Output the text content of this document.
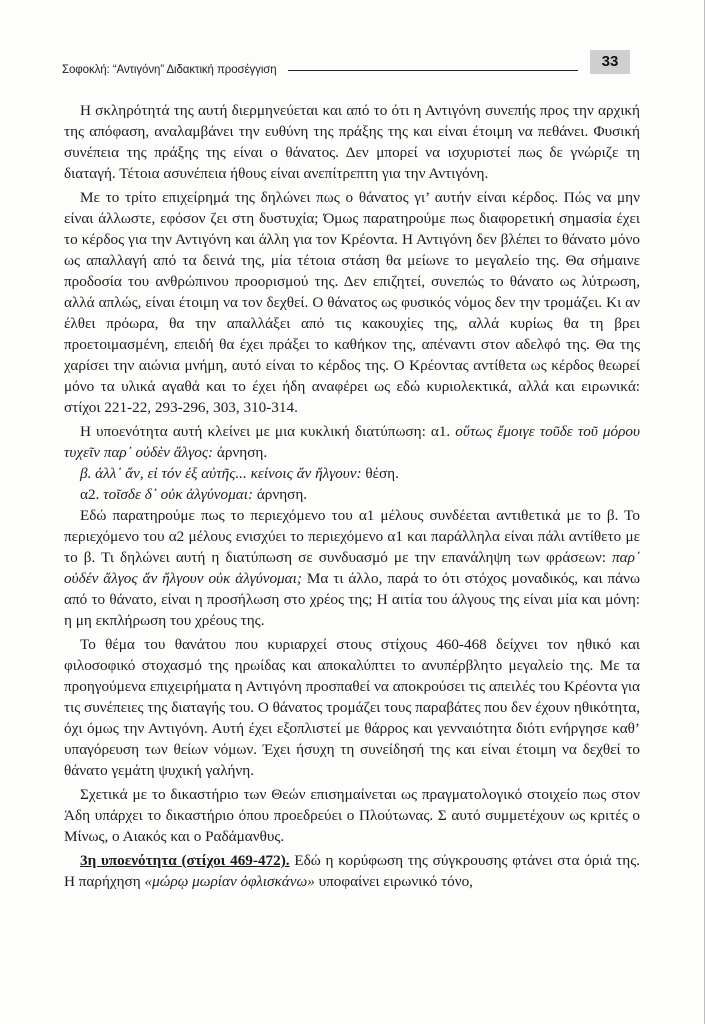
Σοφοκλή: “Αντιγόνη” Διδακτική προσέγγιση	33

Η σκληρότητά της αυτή διερμηνεύεται και από το ότι η Αντιγόνη συνεπής προς την αρχική της απόφαση, αναλαμβάνει την ευθύνη της πράξης της και είναι έτοιμη να πεθάνει. Φυσική συνέπεια της πράξης της είναι ο θάνατος. Δεν μπορεί να ισχυριστεί πως δε γνώριζε τη διαταγή. Τέτοια ασυνέπεια ήθους είναι ανεπίτρεπτη για την Αντιγόνη.

Με το τρίτο επιχείρημά της δηλώνει πως ο θάνατος γι’ αυτήν είναι κέρδος. Πώς να μην είναι άλλωστε, εφόσον ζει στη δυστυχία; Όμως παρατηρούμε πως διαφορετική σημασία έχει το κέρδος για την Αντιγόνη και άλλη για τον Κρέοντα. Η Αντιγόνη δεν βλέπει το θάνατο μόνο ως απαλλαγή από τα δεινά της, μία τέτοια στάση θα μείωνε το μεγαλείο της. Θα σήμαινε προδοσία του ανθρώπινου προορισμού της. Δεν επιζητεί, συνεπώς το θάνατο ως λύτρωση, αλλά απλώς, είναι έτοιμη να τον δεχθεί. Ο θάνατος ως φυσικός νόμος δεν την τρομάζει. Κι αν έλθει πρόωρα, θα την απαλλάξει από τις κακουχίες της, αλλά κυρίως θα τη βρει προετοιμασμένη, επειδή θα έχει πράξει το καθήκον της, απέναντι στον αδελφό της. Θα της χαρίσει την αιώνια μνήμη, αυτό είναι το κέρδος της. Ο Κρέοντας αντίθετα ως κέρδος θεωρεί μόνο τα υλικά αγαθά και το έχει ήδη αναφέρει ως εδώ κυριολεκτικά, αλλά και ειρωνικά: στίχοι 221-22, 293-296, 303, 310-314.

Η υποενότητα αυτή κλείνει με μια κυκλική διατύπωση: α1. οὕτως ἔμοιγε τοῦδε τοῦ μόρου τυχεῖν παρ᾽ οὐδὲν ἄλγος: άρνηση.

β. ἀλλ᾽ ἄν, εἰ τόν ἐξ αὐτῆς... κείνοις ἄν ἤλγουν: θέση.

α2. τοῖσδε δ᾽ οὐκ ἀλγύνομαι: άρνηση.

Εδώ παρατηρούμε πως το περιεχόμενο του α1 μέλους συνδέεται αντιθετικά με το β. Το περιεχόμενο του α2 μέλους ενισχύει το περιεχόμενο α1 και παράλληλα είναι πάλι αντίθετο με το β. Τι δηλώνει αυτή η διατύπωση σε συνδυασμό με την επανάληψη των φράσεων: παρ᾽ οὐδέν ἄλγος ἄν ἤλγουν οὐκ ἀλγύνομαι; Μα τι άλλο, παρά το ότι στόχος μοναδικός, και πάνω από το θάνατο, είναι η προσήλωση στο χρέος της; Η αιτία του άλγους της είναι μία και μόνη: η μη εκπλήρωση του χρέους της.

Το θέμα του θανάτου που κυριαρχεί στους στίχους 460-468 δείχνει τον ηθικό και φιλοσοφικό στοχασμό της ηρωίδας και αποκαλύπτει το ανυπέρβλητο μεγαλείο της. Με τα προηγούμενα επιχειρήματα η Αντιγόνη προσπαθεί να αποκρούσει τις απειλές του Κρέοντα για τις συνέπειες της διαταγής του. Ο θάνατος τρομάζει τους παραβάτες που δεν έχουν ηθικότητα, όχι όμως την Αντιγόνη. Αυτή έχει εξοπλιστεί με θάρρος και γενναιότητα διότι ενήργησε καθ’ υπαγόρευση των θείων νόμων. Έχει ήσυχη τη συνείδησή της και είναι έτοιμη να δεχθεί το θάνατο γεμάτη ψυχική γαλήνη.

Σχετικά με το δικαστήριο των Θεών επισημαίνεται ως πραγματολογικό στοιχείο πως στον Άδη υπάρχει το δικαστήριο όπου προεδρεύει ο Πλούτωνας. Σ αυτό συμμετέχουν ως κριτές ο Μίνως, ο Αιακός και ο Ραδάμανθυς.

3η υποενότητα (στίχοι 469-472). Εδώ η κορύφωση της σύγκρουσης φτάνει στα όριά της. Η παρήχηση «μώρῳ μωρίαν ὀφλισκάνω» υποφαίνει ειρωνικό τόνο,
